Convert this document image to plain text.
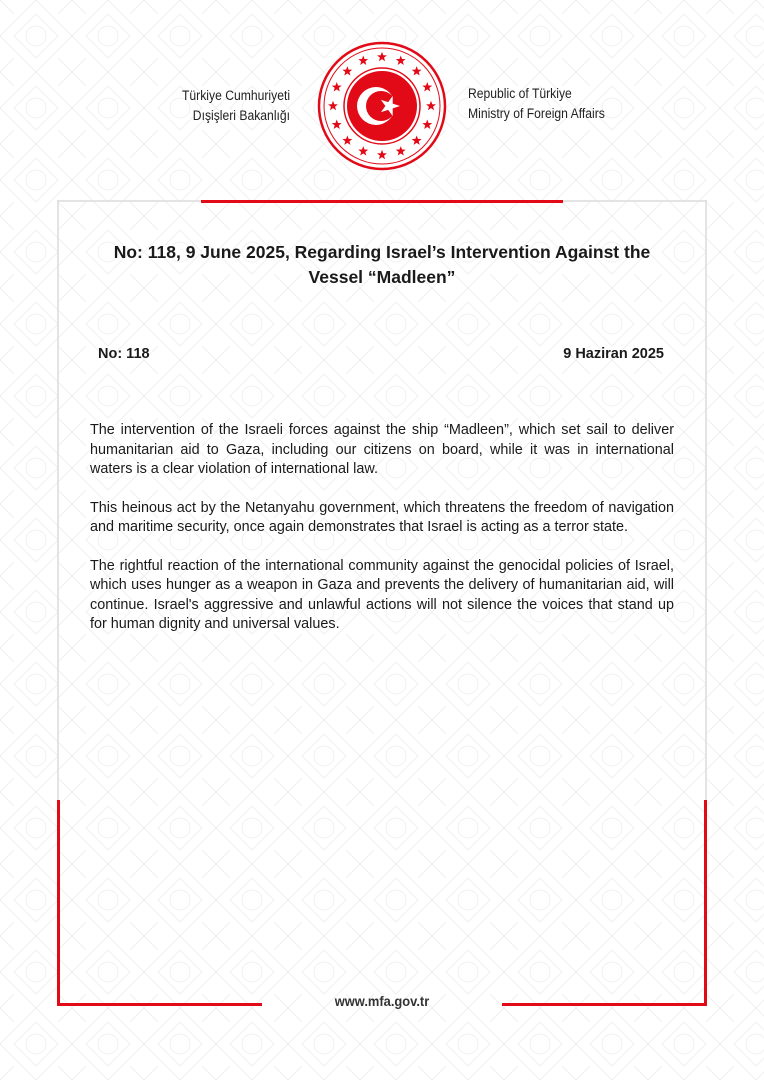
Türkiye Cumhuriyeti
Dışişleri Bakanlığı
Republic of Türkiye
Ministry of Foreign Affairs
No: 118, 9 June 2025, Regarding Israel’s Intervention Against the Vessel “Madleen”
No: 118	9 Haziran 2025

The intervention of the Israeli forces against the ship “Madleen”, which set sail to deliver humanitarian aid to Gaza, including our citizens on board, while it was in international waters is a clear violation of international law.

This heinous act by the Netanyahu government, which threatens the freedom of navigation and maritime security, once again demonstrates that Israel is acting as a terror state.

The rightful reaction of the international community against the genocidal policies of Israel, which uses hunger as a weapon in Gaza and prevents the delivery of humanitarian aid, will continue. Israel's aggressive and unlawful actions will not silence the voices that stand up for human dignity and universal values.

www.mfa.gov.tr
